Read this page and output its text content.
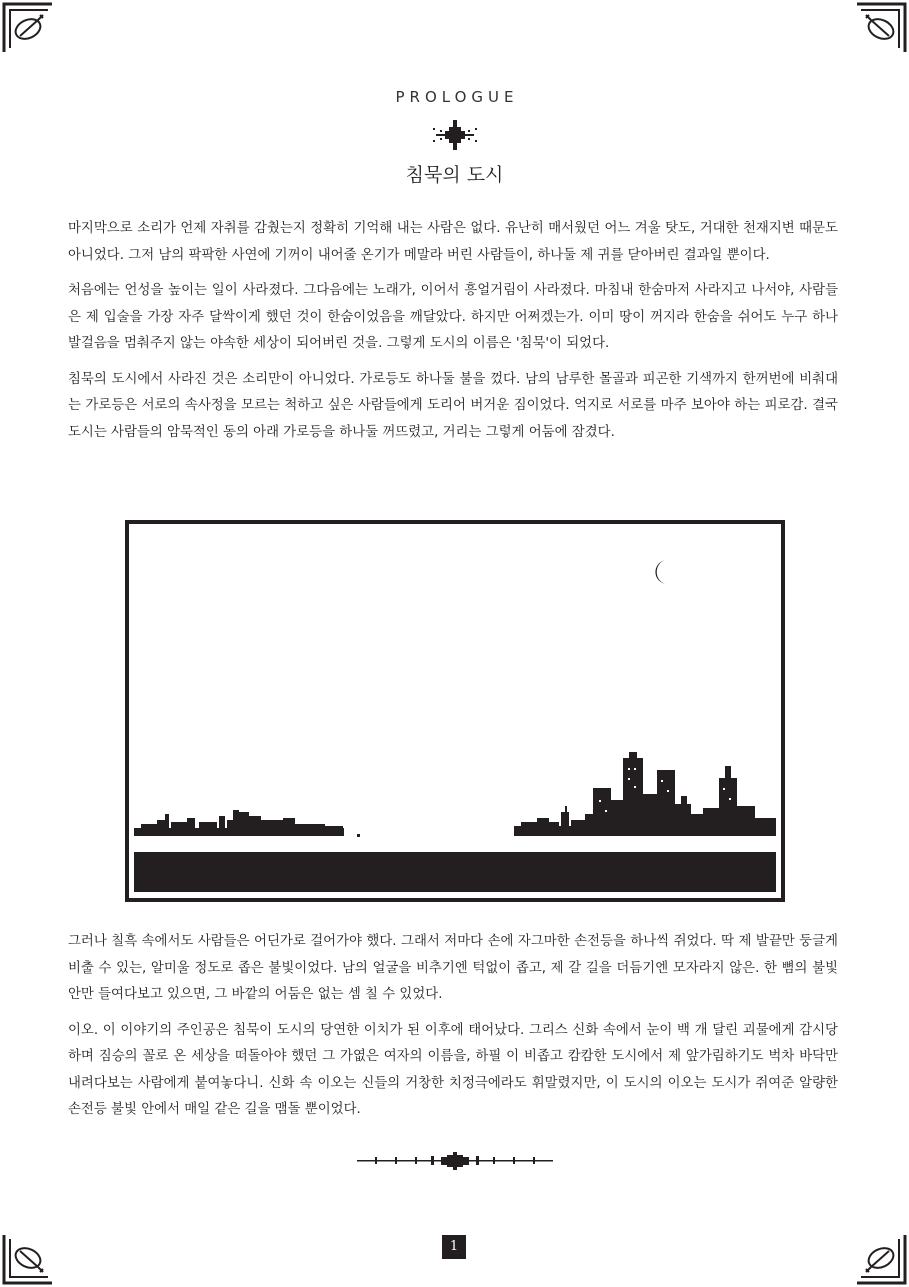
PROLOGUE

침묵의 도시

마지막으로 소리가 언제 자취를 감췄는지 정확히 기억해 내는 사람은 없다. 유난히 매서웠던 어느 겨울 탓도, 거대한 천재지변 때문도 아니었다. 그저 남의 팍팍한 사연에 기꺼이 내어줄 온기가 메말라 버린 사람들이, 하나둘 제 귀를 닫아버린 결과일 뿐이다.

처음에는 언성을 높이는 일이 사라졌다. 그다음에는 노래가, 이어서 흥얼거림이 사라졌다. 마침내 한숨마저 사라지고 나서야, 사람들은 제 입술을 가장 자주 달싹이게 했던 것이 한숨이었음을 깨달았다. 하지만 어쩌겠는가. 이미 땅이 꺼지라 한숨을 쉬어도 누구 하나 발걸음을 멈춰주지 않는 야속한 세상이 되어버린 것을. 그렇게 도시의 이름은 '침묵'이 되었다.

침묵의 도시에서 사라진 것은 소리만이 아니었다. 가로등도 하나둘 불을 껐다. 남의 남루한 몰골과 피곤한 기색까지 한꺼번에 비춰대는 가로등은 서로의 속사정을 모르는 척하고 싶은 사람들에게 도리어 버거운 짐이었다. 억지로 서로를 마주 보아야 하는 피로감. 결국 도시는 사람들의 암묵적인 동의 아래 가로등을 하나둘 꺼뜨렸고, 거리는 그렇게 어둠에 잠겼다.

그러나 칠흑 속에서도 사람들은 어딘가로 걸어가야 했다. 그래서 저마다 손에 자그마한 손전등을 하나씩 쥐었다. 딱 제 발끝만 둥글게 비출 수 있는, 알미울 정도로 좁은 불빛이었다. 남의 얼굴을 비추기엔 턱없이 좁고, 제 갈 길을 더듬기엔 모자라지 않은. 한 뼘의 불빛 안만 들여다보고 있으면, 그 바깥의 어둠은 없는 셈 칠 수 있었다.

이오. 이 이야기의 주인공은 침묵이 도시의 당연한 이치가 된 이후에 태어났다. 그리스 신화 속에서 눈이 백 개 달린 괴물에게 감시당하며 짐승의 꼴로 온 세상을 떠돌아야 했던 그 가엾은 여자의 이름을, 하필 이 비좁고 캄캄한 도시에서 제 앞가림하기도 벅차 바닥만 내려다보는 사람에게 붙여놓다니. 신화 속 이오는 신들의 거창한 치정극에라도 휘말렸지만, 이 도시의 이오는 도시가 쥐여준 알량한 손전등 불빛 안에서 매일 같은 길을 맴돌 뿐이었다.

1
